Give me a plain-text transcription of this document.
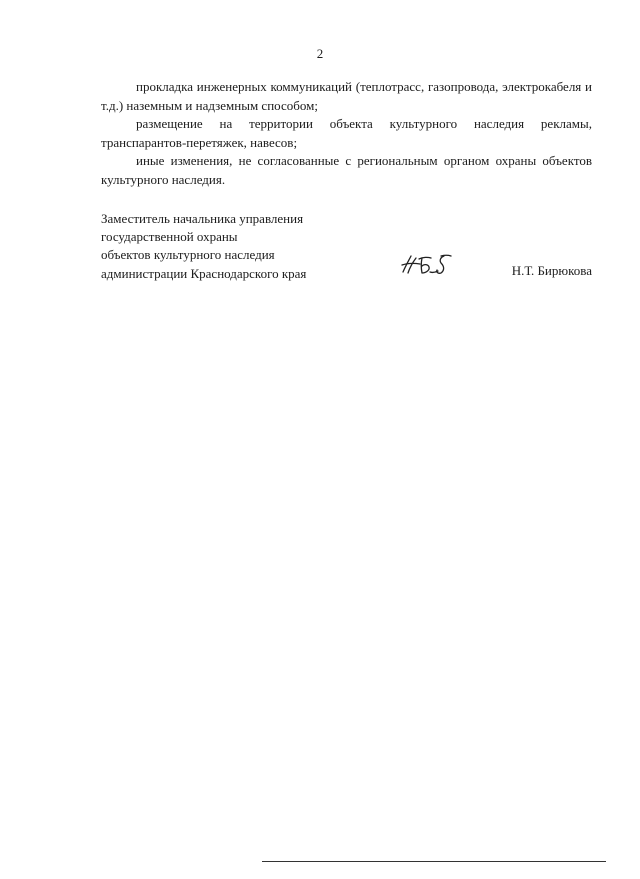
2

прокладка инженерных коммуникаций (теплотрасс, газопровода, электрокабеля и т.д.) наземным и надземным способом;

размещение на территории объекта культурного наследия рекламы, транспарантов-перетяжек, навесов;

иные изменения, не согласованные с региональным органом охраны объектов культурного наследия.

Заместитель начальника управления
государственной охраны
объектов культурного наследия
администрации Краснодарского края	Н.Т. Бирюкова
